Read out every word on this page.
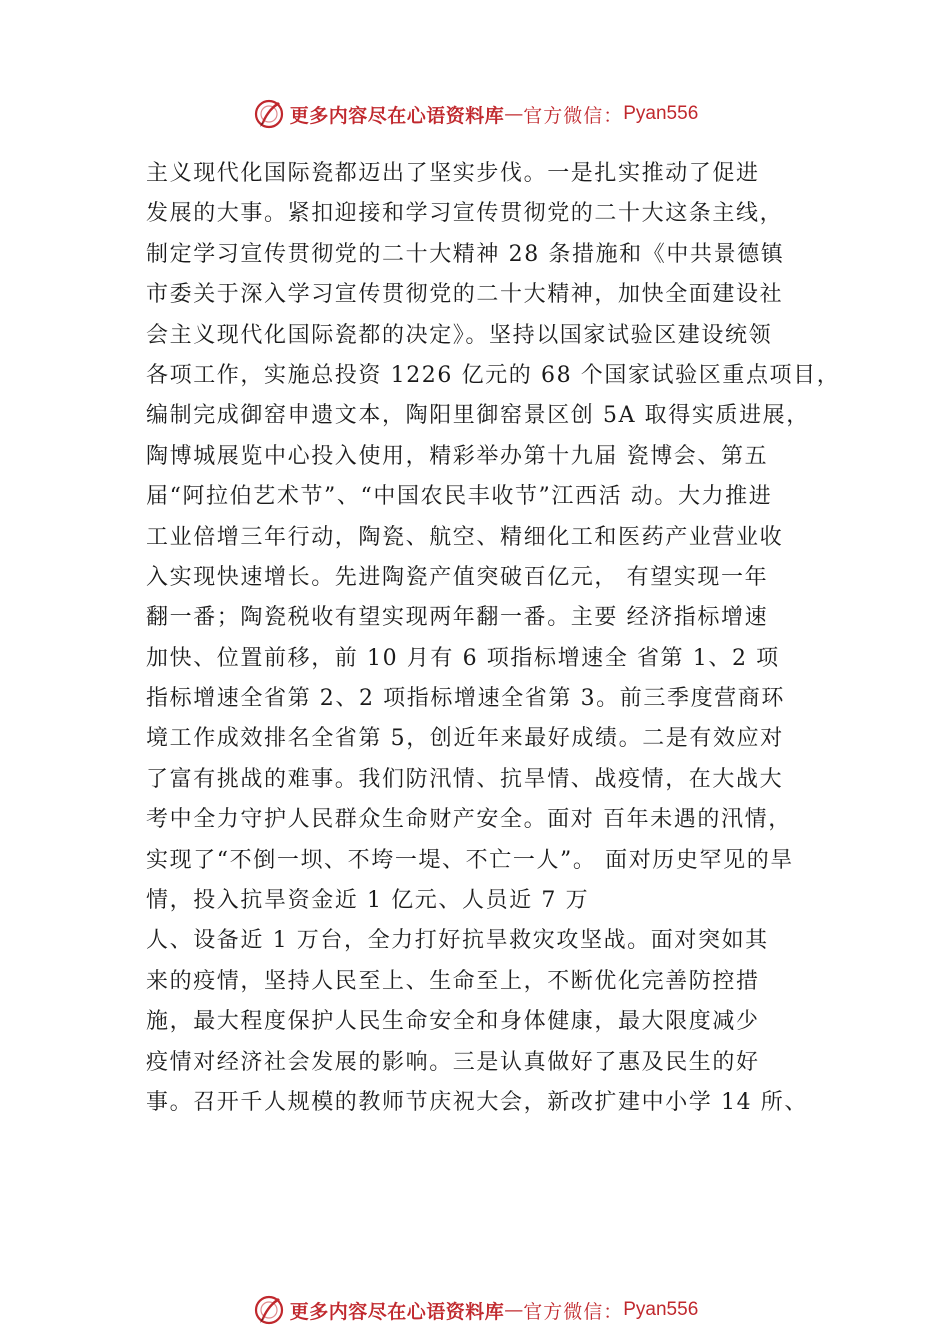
更多内容尽在心语资料库 — 官方微信： Pyan556
主义现代化国际瓷都迈出了坚实步伐。一是扎实推动了促进
发展的大事。紧扣迎接和学习宣传贯彻党的二十大这条主线，
制定学习宣传贯彻党的二十大精神 28 条措施和《中共景德镇
市委关于深入学习宣传贯彻党的二十大精神，加快全面建设社
会主义现代化国际瓷都的决定》。坚持以国家试验区建设统领
各项工作，实施总投资 1226 亿元的 68 个国家试验区重点项目，
编制完成御窑申遗文本，陶阳里御窑景区创 5A 取得实质进展，
陶博城展览中心投入使用，精彩举办第十九届 瓷博会、第五
届“阿拉伯艺术节”、“中国农民丰收节”江西活 动。大力推进
工业倍增三年行动，陶瓷、航空、精细化工和医药产业营业收
入实现快速增长。先进陶瓷产值突破百亿元， 有望实现一年
翻一番；陶瓷税收有望实现两年翻一番。主要 经济指标增速
加快、位置前移，前 10 月有 6 项指标增速全 省第 1、2 项
指标增速全省第 2、2 项指标增速全省第 3。前三季度营商环
境工作成效排名全省第 5，创近年来最好成绩。二是有效应对
了富有挑战的难事。我们防汛情、抗旱情、战疫情，在大战大
考中全力守护人民群众生命财产安全。面对 百年未遇的汛情，
实现了“不倒一坝、不垮一堤、不亡一人”。 面对历史罕见的旱
情，投入抗旱资金近 1 亿元、人员近 7 万
人、设备近 1 万台，全力打好抗旱救灾攻坚战。面对突如其
来的疫情，坚持人民至上、生命至上，不断优化完善防控措
施，最大程度保护人民生命安全和身体健康，最大限度减少
疫情对经济社会发展的影响。三是认真做好了惠及民生的好
事。召开千人规模的教师节庆祝大会，新改扩建中小学 14 所、
更多内容尽在心语资料库 — 官方微信： Pyan556
